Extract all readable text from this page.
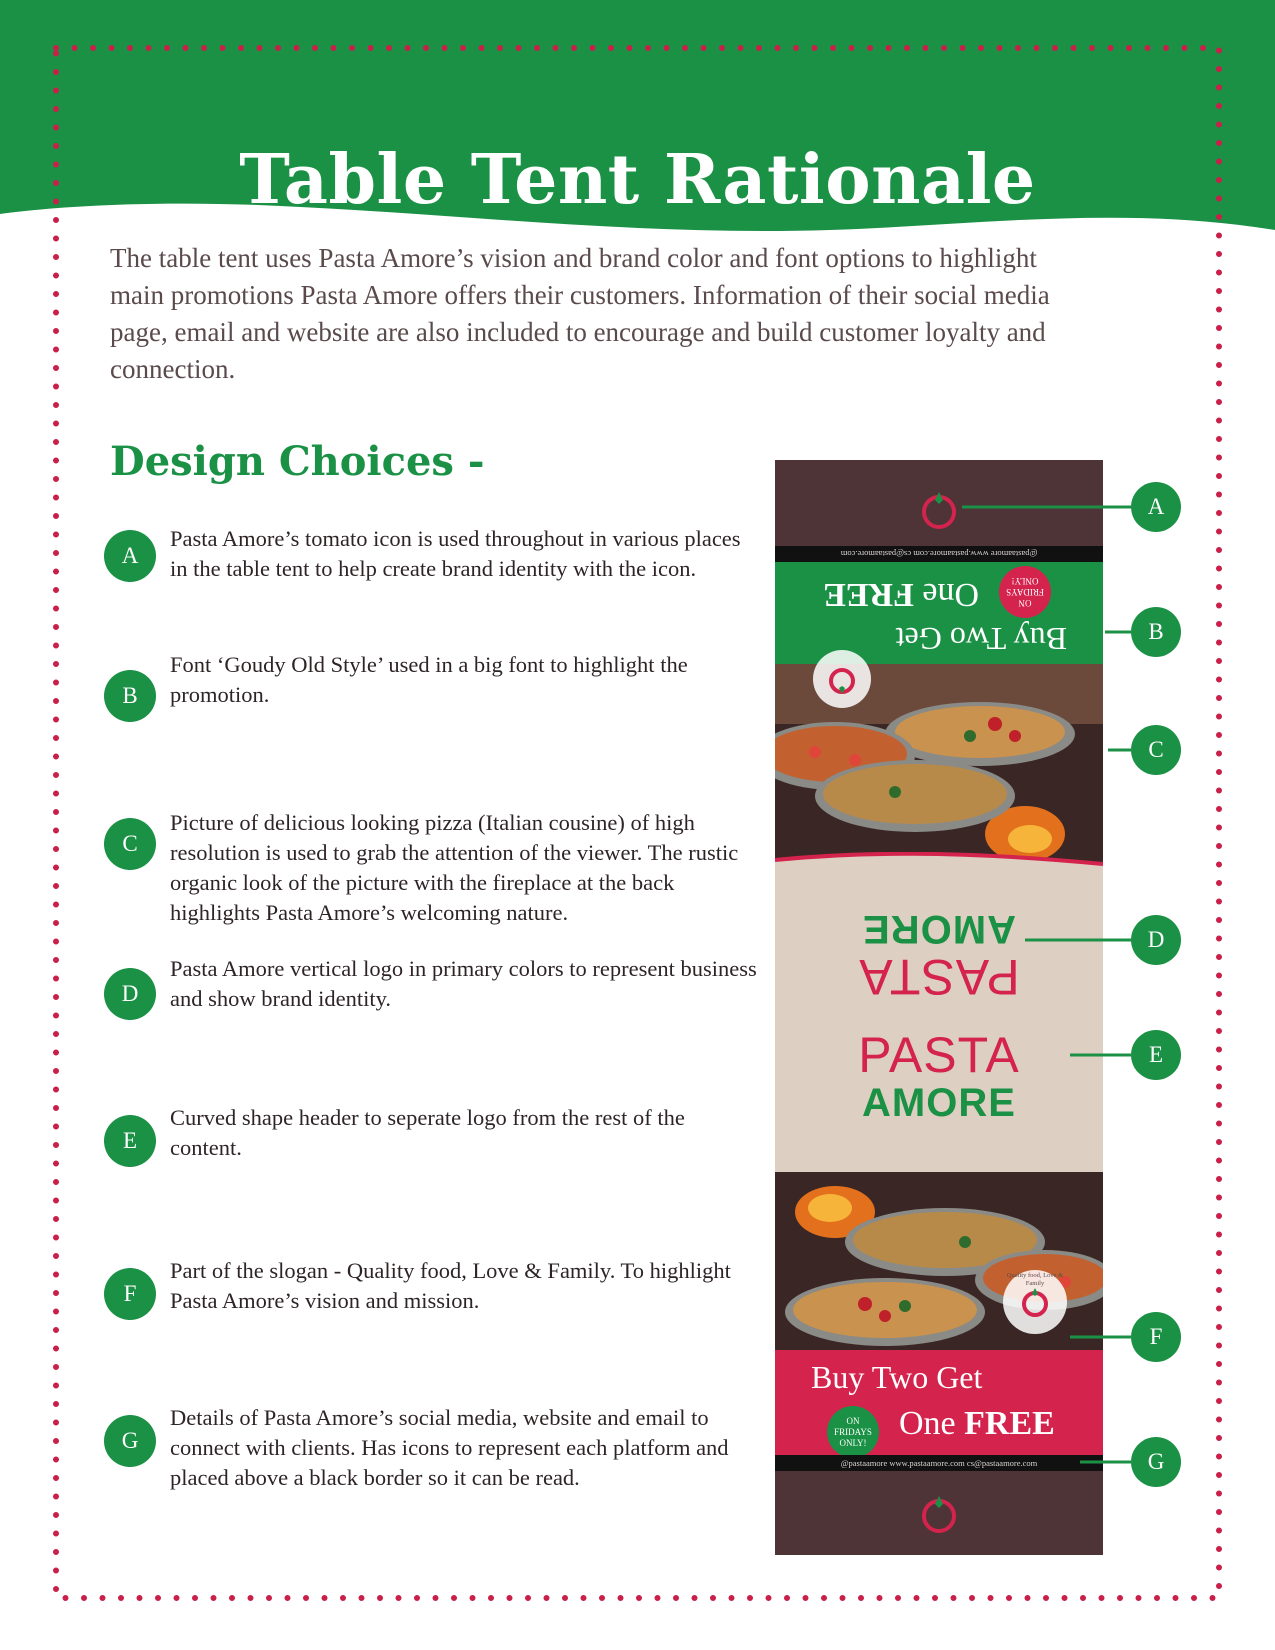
Table Tent Rationale

The table tent uses Pasta Amore’s vision and brand color and font options to highlight main promotions Pasta Amore offers their customers. Information of their social media page, email and website are also included to encourage and build customer loyalty and connection.

Design Choices -
A

Pasta Amore’s tomato icon is used throughout in various places in the table tent to help create brand identity with the icon.

B

Font ‘Goudy Old Style’ used in a big font to highlight the promotion.

C

Picture of delicious looking pizza (Italian cousine) of high resolution is used to grab the attention of the viewer. The rustic organic look of the picture with the fireplace at the back highlights Pasta Amore’s welcoming nature.

D

Pasta Amore vertical logo in primary colors to represent business and show brand identity.

E

Curved shape header to seperate logo from the rest of the content.

F

Part of the slogan - Quality food, Love & Family. To highlight Pasta Amore’s vision and mission.

G

Details of Pasta Amore’s social media, website and email to connect with clients. Has icons to represent each platform and placed above a black border so it can be read.

@pastaamore www.pastaamore.com cs@pastaamore.com
Buy Two Get
One FREE	ON FRIDAYS ONLY!
PASTA
AMORE
PASTA
AMORE
Quality food, Love & Family
Buy Two Get
One FREE
ON FRIDAYS ONLY!
@pastaamore www.pastaamore.com cs@pastaamore.com
A
B
C
D
E
F
G
